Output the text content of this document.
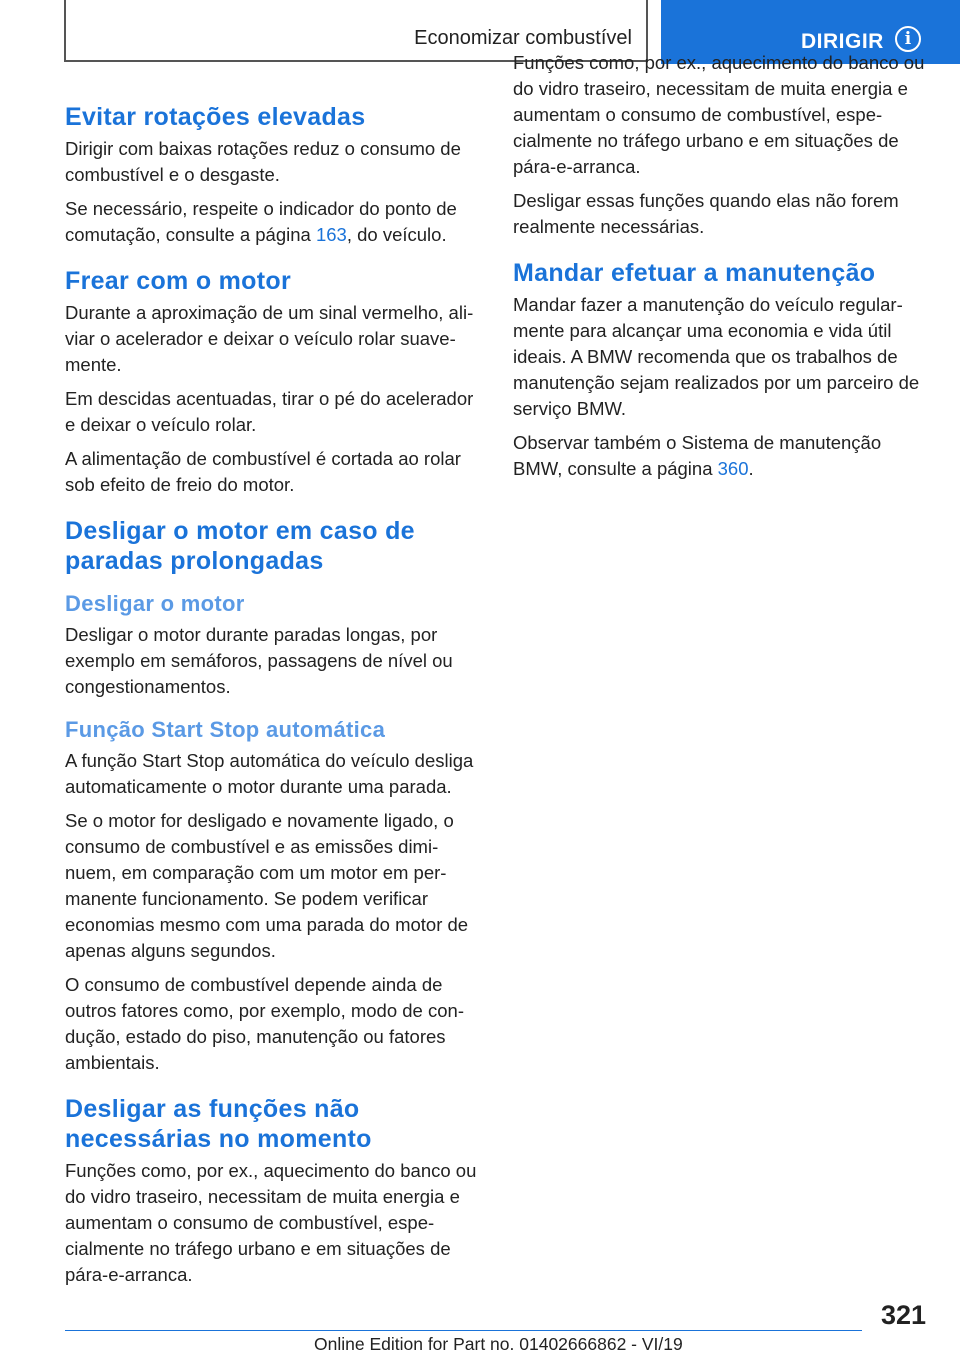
Economizar combustível	DIRIGIR	i
Evitar rotações elevadas

Dirigir com baixas rotações reduz o consumo de combustível e o desgaste.

Se necessário, respeite o indicador do ponto de comutação, consulte a página 163, do veículo.

Frear com o motor

Durante a aproximação de um sinal vermelho, aliviar o acelerador e deixar o veículo rolar suavemente.

Em descidas acentuadas, tirar o pé do acelerador e deixar o veículo rolar.

A alimentação de combustível é cortada ao rolar sob efeito de freio do motor.

Desligar o motor em caso de paradas prolongadas
Desligar o motor

Desligar o motor durante paradas longas, por exemplo em semáforos, passagens de nível ou congestionamentos.

Função Start Stop automática

A função Start Stop automática do veículo desliga automaticamente o motor durante uma parada.

Se o motor for desligado e novamente ligado, o consumo de combustível e as emissões diminuem, em comparação com um motor em permanente funcionamento. Se podem verificar economias mesmo com uma parada do motor de apenas alguns segundos.

O consumo de combustível depende ainda de outros fatores como, por exemplo, modo de condução, estado do piso, manutenção ou fatores ambientais.

Desligar as funções não necessárias no momento

Funções como, por ex., aquecimento do banco ou do vidro traseiro, necessitam de muita energia e aumentam o consumo de combustível, especialmente no tráfego urbano e em situações de pára-e-arranca.

Funções como, por ex., aquecimento do banco ou do vidro traseiro, necessitam de muita energia e aumentam o consumo de combustível, especialmente no tráfego urbano e em situações de pára-e-arranca.

Desligar essas funções quando elas não forem realmente necessárias.

Mandar efetuar a manutenção

Mandar fazer a manutenção do veículo regularmente para alcançar uma economia e vida útil ideais. A BMW recomenda que os trabalhos de manutenção sejam realizados por um parceiro de serviço BMW.

Observar também o Sistema de manutenção BMW, consulte a página 360.

321
Online Edition for Part no. 01402666862 - VI/19
